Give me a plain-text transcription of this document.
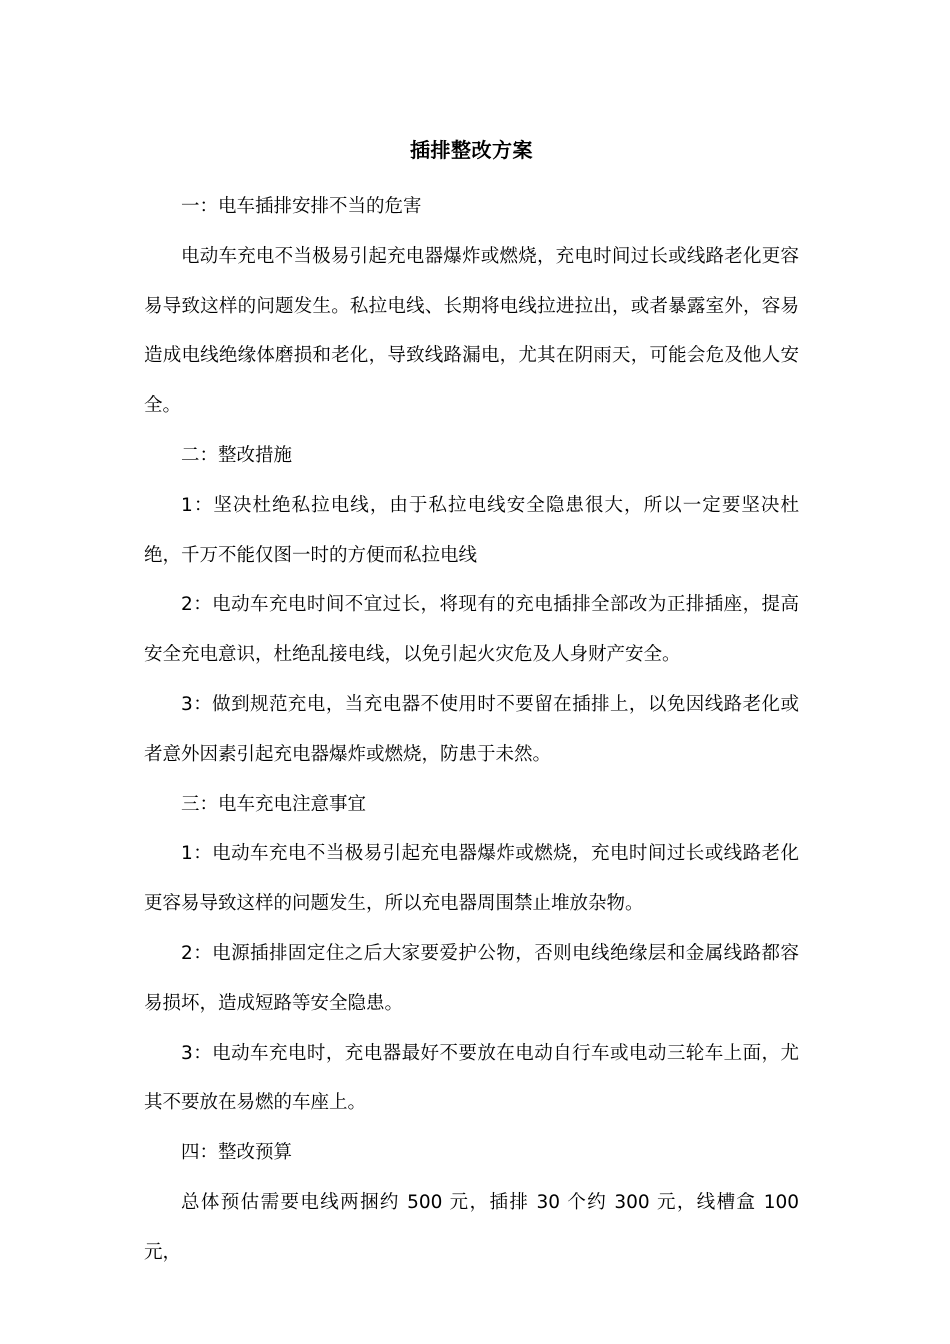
插排整改方案

一：电车插排安排不当的危害

电动车充电不当极易引起充电器爆炸或燃烧，充电时间过长或线路老化更容易导致这样的问题发生。私拉电线、长期将电线拉进拉出，或者暴露室外，容易造成电线绝缘体磨损和老化，导致线路漏电，尤其在阴雨天，可能会危及他人安全。

二：整改措施

1：坚决杜绝私拉电线，由于私拉电线安全隐患很大，所以一定要坚决杜绝，千万不能仅图一时的方便而私拉电线

2：电动车充电时间不宜过长，将现有的充电插排全部改为正排插座，提高安全充电意识，杜绝乱接电线，以免引起火灾危及人身财产安全。

3：做到规范充电，当充电器不使用时不要留在插排上，以免因线路老化或者意外因素引起充电器爆炸或燃烧，防患于未然。

三：电车充电注意事宜

1：电动车充电不当极易引起充电器爆炸或燃烧，充电时间过长或线路老化更容易导致这样的问题发生，所以充电器周围禁止堆放杂物。

2：电源插排固定住之后大家要爱护公物，否则电线绝缘层和金属线路都容易损坏，造成短路等安全隐患。

3：电动车充电时，充电器最好不要放在电动自行车或电动三轮车上面，尤其不要放在易燃的车座上。

四：整改预算

总体预估需要电线两捆约 500 元，插排 30 个约 300 元，线槽盒 100 元，
